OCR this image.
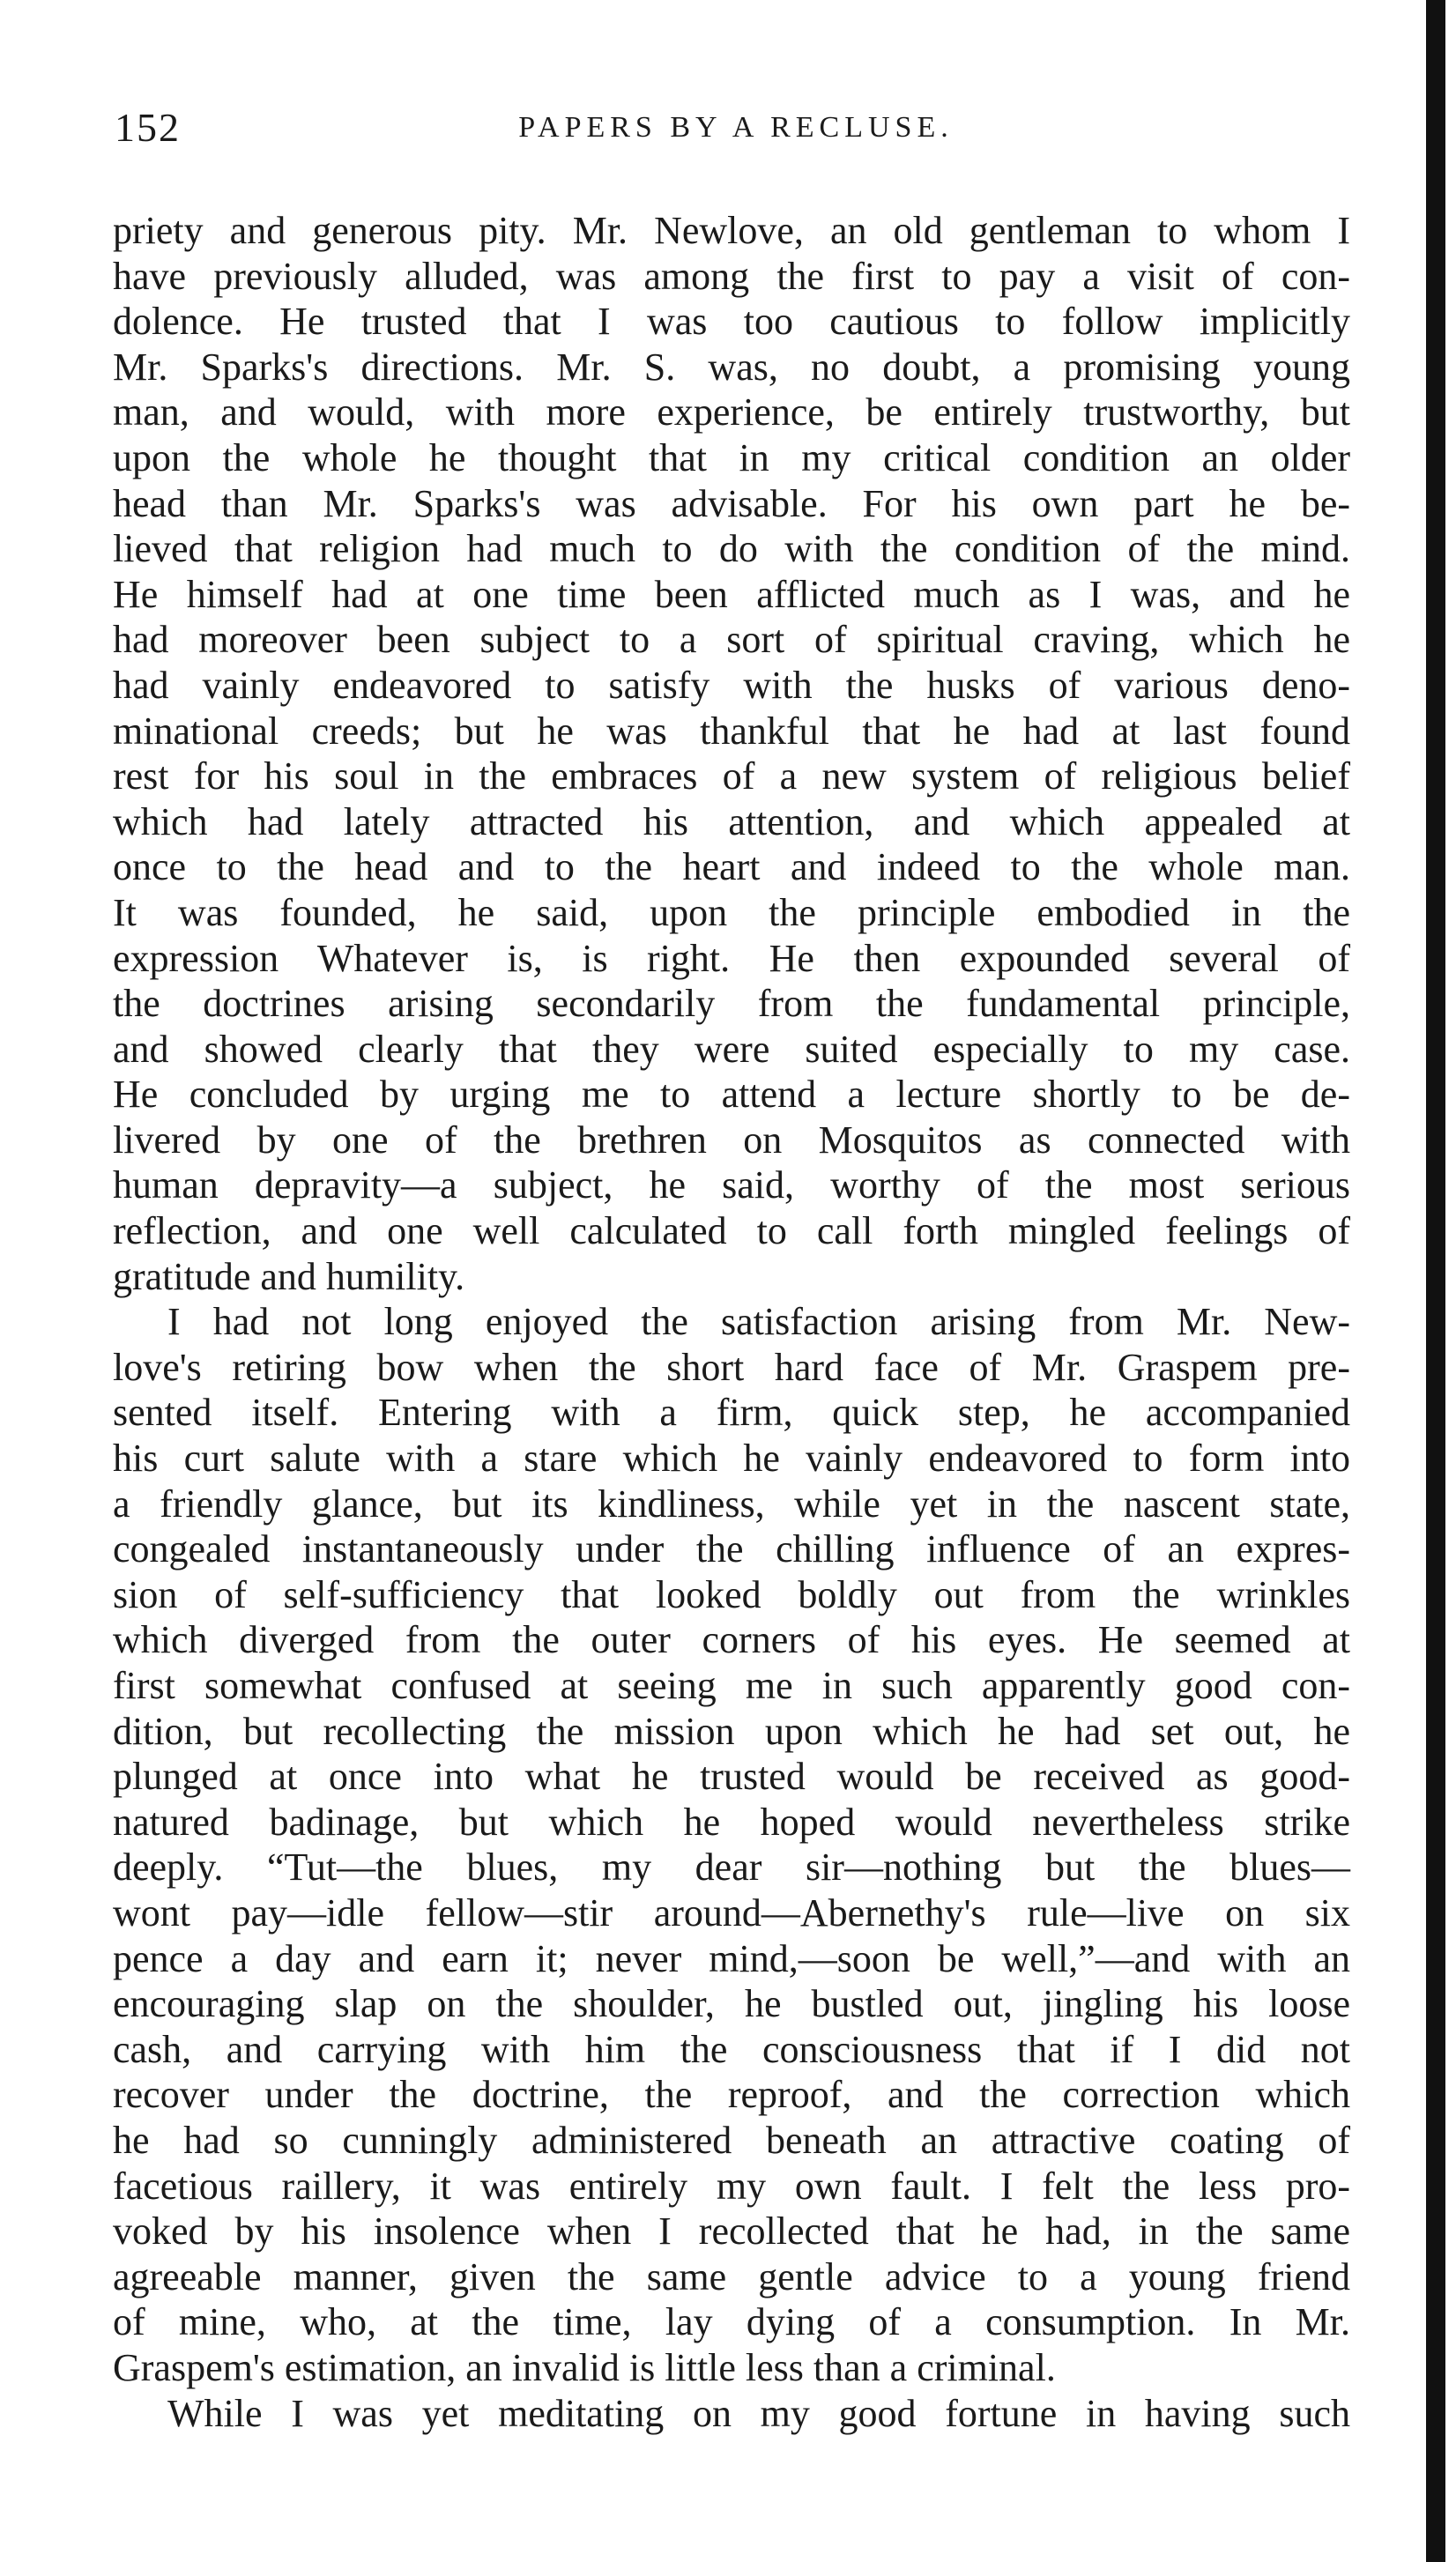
152	PAPERS BY A RECLUSE.
priety and generous pity. Mr. Newlove, an old gentleman to whom I
have previously alluded, was among the first to pay a visit of con-
dolence. He trusted that I was too cautious to follow implicitly
Mr. Sparks's directions. Mr. S. was, no doubt, a promising young
man, and would, with more experience, be entirely trustworthy, but
upon the whole he thought that in my critical condition an older
head than Mr. Sparks's was advisable. For his own part he be-
lieved that religion had much to do with the condition of the mind.
He himself had at one time been afflicted much as I was, and he
had moreover been subject to a sort of spiritual craving, which he
had vainly endeavored to satisfy with the husks of various deno-
minational creeds; but he was thankful that he had at last found
rest for his soul in the embraces of a new system of religious belief
which had lately attracted his attention, and which appealed at
once to the head and to the heart and indeed to the whole man.
It was founded, he said, upon the principle embodied in the
expression Whatever is, is right. He then expounded several of
the doctrines arising secondarily from the fundamental principle,
and showed clearly that they were suited especially to my case.
He concluded by urging me to attend a lecture shortly to be de-
livered by one of the brethren on Mosquitos as connected with
human depravity—a subject, he said, worthy of the most serious
reflection, and one well calculated to call forth mingled feelings of
gratitude and humility.
I had not long enjoyed the satisfaction arising from Mr. New-
love's retiring bow when the short hard face of Mr. Graspem pre-
sented itself. Entering with a firm, quick step, he accompanied
his curt salute with a stare which he vainly endeavored to form into
a friendly glance, but its kindliness, while yet in the nascent state,
congealed instantaneously under the chilling influence of an expres-
sion of self-sufficiency that looked boldly out from the wrinkles
which diverged from the outer corners of his eyes. He seemed at
first somewhat confused at seeing me in such apparently good con-
dition, but recollecting the mission upon which he had set out, he
plunged at once into what he trusted would be received as good-
natured badinage, but which he hoped would nevertheless strike
deeply. “Tut—the blues, my dear sir—nothing but the blues—
wont pay—idle fellow—stir around—Abernethy's rule—live on six
pence a day and earn it; never mind,—soon be well,”—and with an
encouraging slap on the shoulder, he bustled out, jingling his loose
cash, and carrying with him the consciousness that if I did not
recover under the doctrine, the reproof, and the correction which
he had so cunningly administered beneath an attractive coating of
facetious raillery, it was entirely my own fault. I felt the less pro-
voked by his insolence when I recollected that he had, in the same
agreeable manner, given the same gentle advice to a young friend
of mine, who, at the time, lay dying of a consumption. In Mr.
Graspem's estimation, an invalid is little less than a criminal.
While I was yet meditating on my good fortune in having such
